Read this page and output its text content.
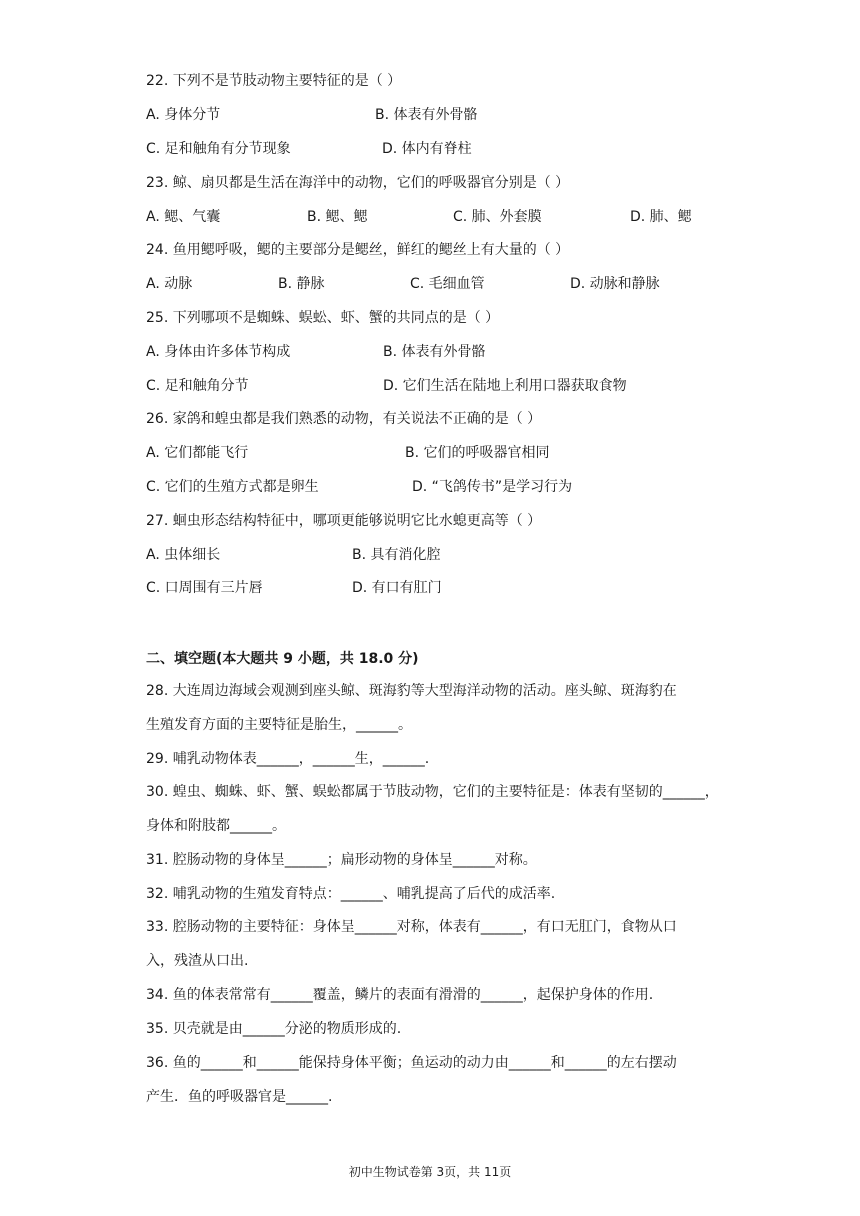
22. 下列不是节肢动物主要特征的是（ ）
A. 身体分节	B. 体表有外骨骼
C. 足和触角有分节现象	D. 体内有脊柱
23. 鲸、扇贝都是生活在海洋中的动物，它们的呼吸器官分别是（ ）
A. 鳃、气囊	B. 鳃、鳃	C. 肺、外套膜	D. 肺、鳃
24. 鱼用鳃呼吸，鳃的主要部分是鳃丝，鲜红的鳃丝上有大量的（ ）
A. 动脉	B. 静脉	C. 毛细血管	D. 动脉和静脉
25. 下列哪项不是蜘蛛、蜈蚣、虾、蟹的共同点的是（ ）
A. 身体由许多体节构成	B. 体表有外骨骼
C. 足和触角分节	D. 它们生活在陆地上利用口器获取食物
26. 家鸽和蝗虫都是我们熟悉的动物，有关说法不正确的是（ ）
A. 它们都能飞行	B. 它们的呼吸器官相同
C. 它们的生殖方式都是卵生	D. “飞鸽传书”是学习行为
27. 蛔虫形态结构特征中，哪项更能够说明它比水螅更高等（ ）
A. 虫体细长	B. 具有消化腔
C. 口周围有三片唇	D. 有口有肛门
二、填空题(本大题共 9 小题，共 18.0 分)
28. 大连周边海域会观测到座头鲸、斑海豹等大型海洋动物的活动。座头鲸、斑海豹在
生殖发育方面的主要特征是胎生，______。
29. 哺乳动物体表______，______生，______.
30. 蝗虫、蜘蛛、虾、蟹、蜈蚣都属于节肢动物，它们的主要特征是：体表有坚韧的______，
身体和附肢都______。
31. 腔肠动物的身体呈______；扁形动物的身体呈______对称。
32. 哺乳动物的生殖发育特点：______、哺乳提高了后代的成活率.
33. 腔肠动物的主要特征：身体呈______对称，体表有______，有口无肛门，食物从口
入，残渣从口出.
34. 鱼的体表常常有______覆盖，鳞片的表面有滑滑的______，起保护身体的作用.
35. 贝壳就是由______分泌的物质形成的.
36. 鱼的______和______能保持身体平衡；鱼运动的动力由______和______的左右摆动
产生．鱼的呼吸器官是______.
初中生物试卷第 3页，共 11页
